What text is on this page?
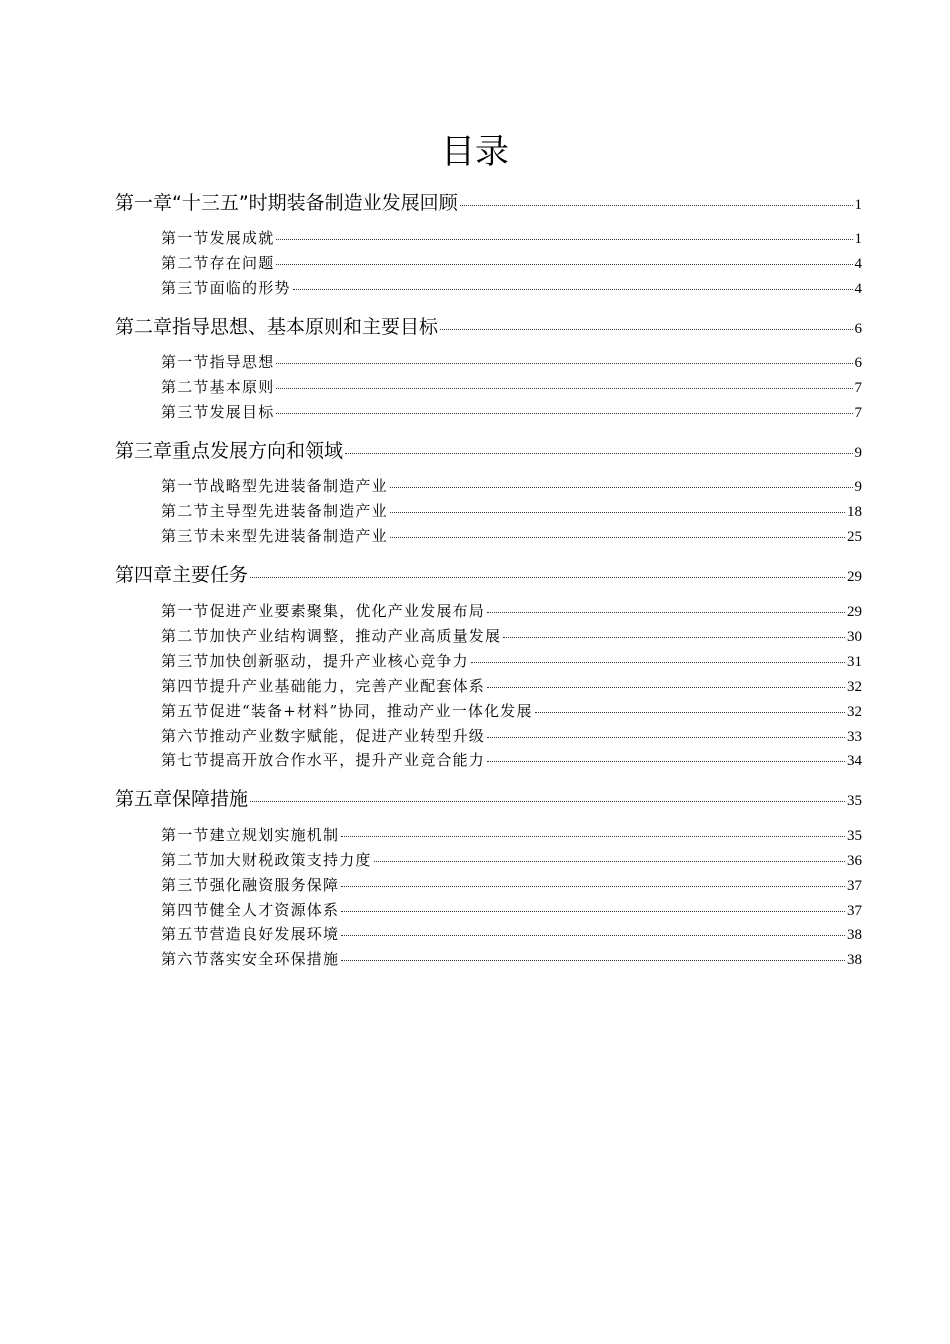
目录
第一章“十三五”时期装备制造业发展回顾	1
第一节发展成就	1
第二节存在问题	4
第三节面临的形势	4
第二章指导思想、基本原则和主要目标	6
第一节指导思想	6
第二节基本原则	7
第三节发展目标	7
第三章重点发展方向和领域	9
第一节战略型先进装备制造产业	9
第二节主导型先进装备制造产业	18
第三节未来型先进装备制造产业	25
第四章主要任务	29
第一节促进产业要素聚集，优化产业发展布局	29
第二节加快产业结构调整，推动产业高质量发展	30
第三节加快创新驱动，提升产业核心竞争力	31
第四节提升产业基础能力，完善产业配套体系	32
第五节促进“装备+材料”协同，推动产业一体化发展	32
第六节推动产业数字赋能，促进产业转型升级	33
第七节提高开放合作水平，提升产业竞合能力	34
第五章保障措施	35
第一节建立规划实施机制	35
第二节加大财税政策支持力度	36
第三节强化融资服务保障	37
第四节健全人才资源体系	37
第五节营造良好发展环境	38
第六节落实安全环保措施	38
